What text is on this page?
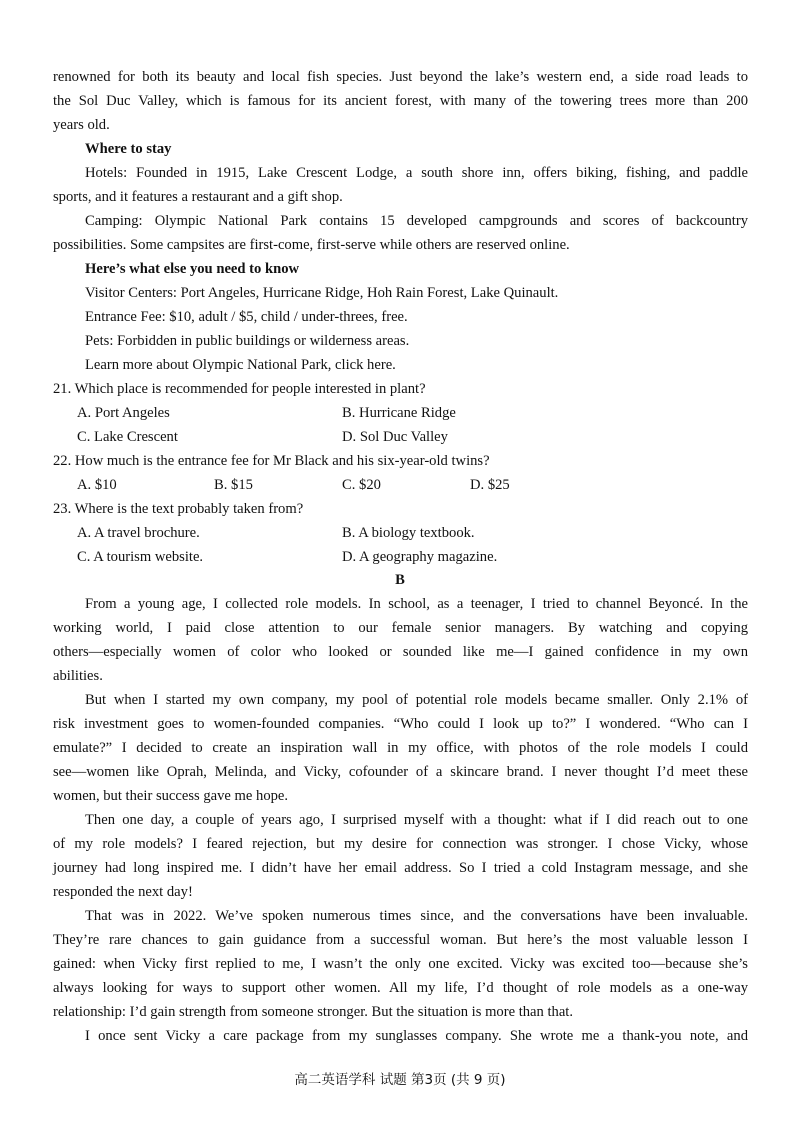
renowned for both its beauty and local fish species. Just beyond the lake’s western end, a side road leads to
the Sol Duc Valley, which is famous for its ancient forest, with many of the towering trees more than 200
years old.
Where to stay
Hotels: Founded in 1915, Lake Crescent Lodge, a south shore inn, offers biking, fishing, and paddle
sports, and it features a restaurant and a gift shop.
Camping: Olympic National Park contains 15 developed campgrounds and scores of backcountry
possibilities. Some campsites are first-come, first-serve while others are reserved online.
Here’s what else you need to know
Visitor Centers: Port Angeles, Hurricane Ridge, Hoh Rain Forest, Lake Quinault.
Entrance Fee: $10, adult / $5, child / under-threes, free.
Pets: Forbidden in public buildings or wilderness areas.
Learn more about Olympic National Park, click here.
21. Which place is recommended for people interested in plant?
A. Port Angeles	B. Hurricane Ridge
C. Lake Crescent	D. Sol Duc Valley
22. How much is the entrance fee for Mr Black and his six-year-old twins?
A. $10	B. $15	C. $20	D. $25
23. Where is the text probably taken from?
A. A travel brochure.	B. A biology textbook.
C. A tourism website.	D. A geography magazine.
B
From a young age, I collected role models. In school, as a teenager, I tried to channel Beyoncé. In the
working world, I paid close attention to our female senior managers. By watching and copying
others—especially women of color who looked or sounded like me—I gained confidence in my own
abilities.
But when I started my own company, my pool of potential role models became smaller. Only 2.1% of
risk investment goes to women-founded companies. “Who could I look up to?” I wondered. “Who can I
emulate?” I decided to create an inspiration wall in my office, with photos of the role models I could
see—women like Oprah, Melinda, and Vicky, cofounder of a skincare brand. I never thought I’d meet these
women, but their success gave me hope.
Then one day, a couple of years ago, I surprised myself with a thought: what if I did reach out to one
of my role models? I feared rejection, but my desire for connection was stronger. I chose Vicky, whose
journey had long inspired me. I didn’t have her email address. So I tried a cold Instagram message, and she
responded the next day!
That was in 2022. We’ve spoken numerous times since, and the conversations have been invaluable.
They’re rare chances to gain guidance from a successful woman. But here’s the most valuable lesson I
gained: when Vicky first replied to me, I wasn’t the only one excited. Vicky was excited too—because she’s
always looking for ways to support other women. All my life, I’d thought of role models as a one-way
relationship: I’d gain strength from someone stronger. But the situation is more than that.
I once sent Vicky a care package from my sunglasses company. She wrote me a thank-you note, and
高二英语学科 试题 第3页 (共 9 页)
